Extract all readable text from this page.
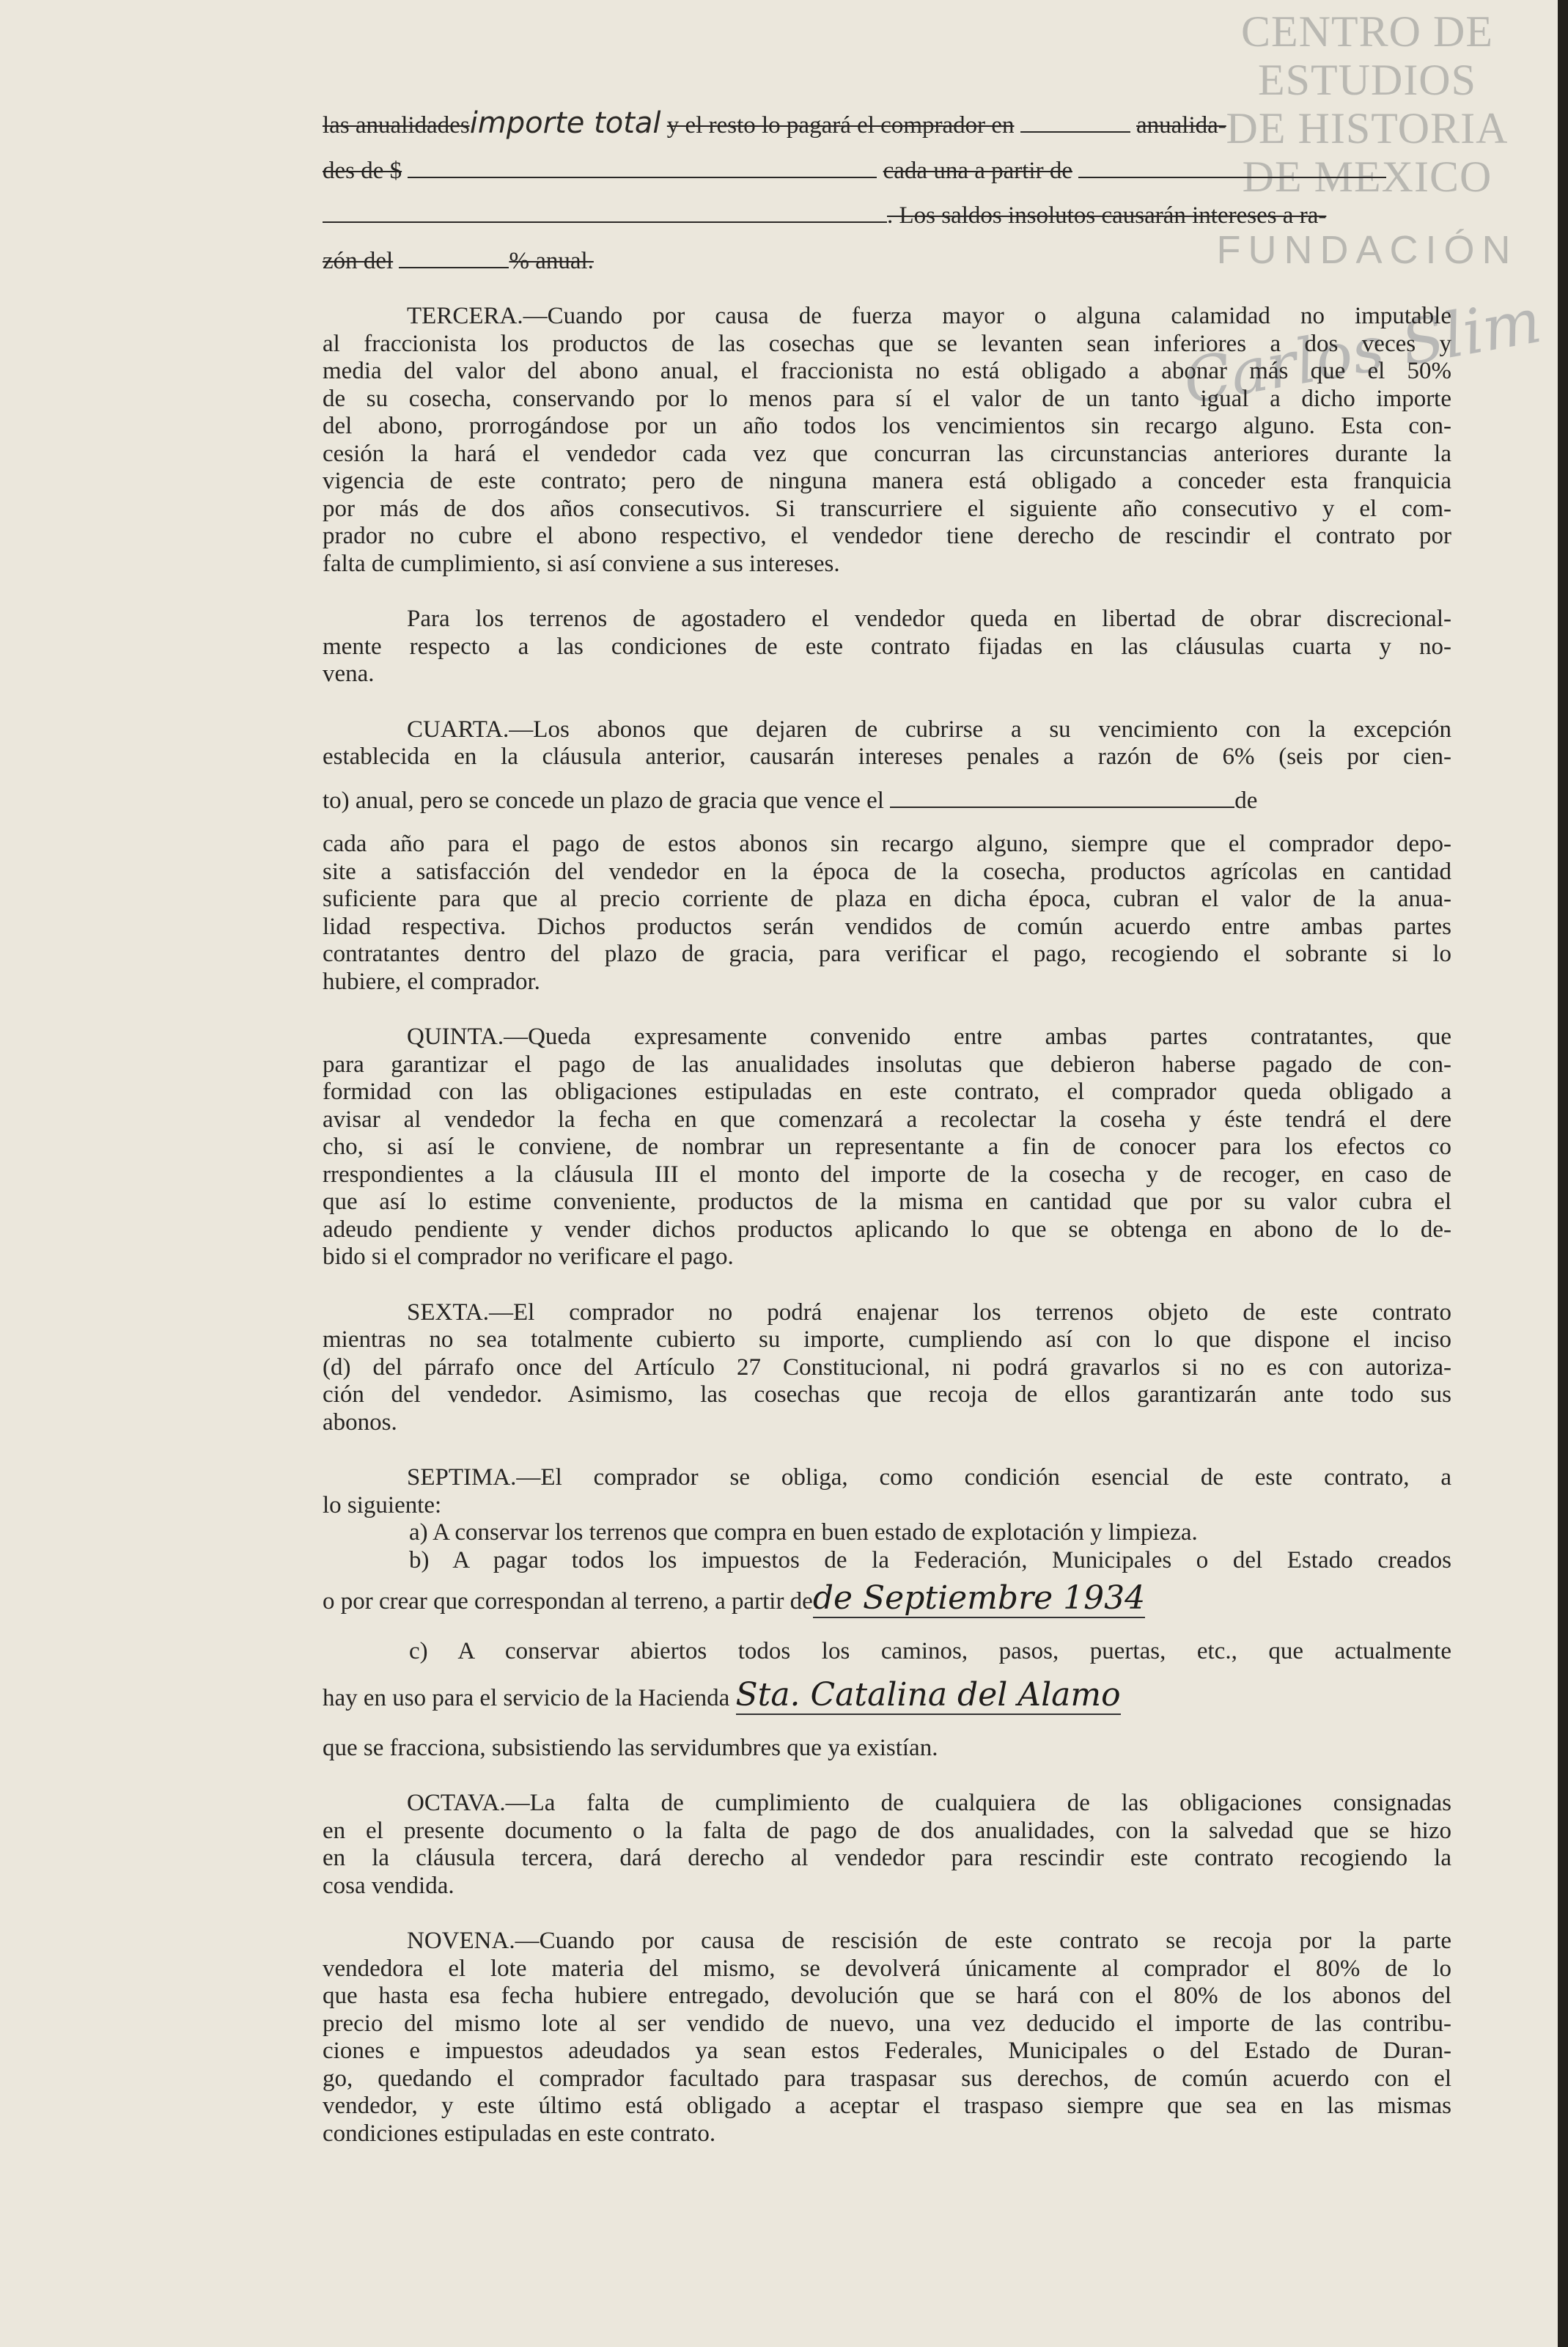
CENTRO DE
ESTUDIOS
DE HISTORIA
DE MEXICO
FUNDACIÓN
Carlos Slim
las anualidadesimporte total y el resto lo pagará el comprador en	anualida-
des de $	cada una a partir de
. Los saldos insolutos causarán intereses a ra-
zón del	% anual.
TERCERA.—Cuando por causa de fuerza mayor o alguna calamidad no imputable
al fraccionista los productos de las cosechas que se levanten sean inferiores a dos veces y
media del valor del abono anual, el fraccionista no está obligado a abonar más que el 50%
de su cosecha, conservando por lo menos para sí el valor de un tanto igual a dicho importe
del abono, prorrogándose por un año todos los vencimientos sin recargo alguno. Esta con-
cesión la hará el vendedor cada vez que concurran las circunstancias anteriores durante la
vigencia de este contrato; pero de ninguna manera está obligado a conceder esta franquicia
por más de dos años consecutivos. Si transcurriere el siguiente año consecutivo y el com-
prador no cubre el abono respectivo, el vendedor tiene derecho de rescindir el contrato por
falta de cumplimiento, si así conviene a sus intereses.
Para los terrenos de agostadero el vendedor queda en libertad de obrar discrecional-
mente respecto a las condiciones de este contrato fijadas en las cláusulas cuarta y no-
vena.
CUARTA.—Los abonos que dejaren de cubrirse a su vencimiento con la excepción
establecida en la cláusula anterior, causarán intereses penales a razón de 6% (seis por cien-
to) anual, pero se concede un plazo de gracia que vence el	de
cada año para el pago de estos abonos sin recargo alguno, siempre que el comprador depo-
site a satisfacción del vendedor en la época de la cosecha, productos agrícolas en cantidad
suficiente para que al precio corriente de plaza en dicha época, cubran el valor de la anua-
lidad respectiva. Dichos productos serán vendidos de común acuerdo entre ambas partes
contratantes dentro del plazo de gracia, para verificar el pago, recogiendo el sobrante si lo
hubiere, el comprador.
QUINTA.—Queda expresamente convenido entre ambas partes contratantes, que
para garantizar el pago de las anualidades insolutas que debieron haberse pagado de con-
formidad con las obligaciones estipuladas en este contrato, el comprador queda obligado a
avisar al vendedor la fecha en que comenzará a recolectar la coseha y éste tendrá el dere
cho, si así le conviene, de nombrar un representante a fin de conocer para los efectos co
rrespondientes a la cláusula III el monto del importe de la cosecha y de recoger, en caso de
que así lo estime conveniente, productos de la misma en cantidad que por su valor cubra el
adeudo pendiente y vender dichos productos aplicando lo que se obtenga en abono de lo de-
bido si el comprador no verificare el pago.
SEXTA.—El comprador no podrá enajenar los terrenos objeto de este contrato
mientras no sea totalmente cubierto su importe, cumpliendo así con lo que dispone el inciso
(d) del párrafo once del Artículo 27 Constitucional, ni podrá gravarlos si no es con autoriza-
ción del vendedor. Asimismo, las cosechas que recoja de ellos garantizarán ante todo sus
abonos.
SEPTIMA.—El comprador se obliga, como condición esencial de este contrato, a
lo siguiente:
a) A conservar los terrenos que compra en buen estado de explotación y limpieza.
b) A pagar todos los impuestos de la Federación, Municipales o del Estado creados
o por crear que correspondan al terreno, a partir dede Septiembre 1934
c) A conservar abiertos todos los caminos, pasos, puertas, etc., que actualmente
hay en uso para el servicio de la Hacienda Sta. Catalina del Alamo
que se fracciona, subsistiendo las servidumbres que ya existían.
OCTAVA.—La falta de cumplimiento de cualquiera de las obligaciones consignadas
en el presente documento o la falta de pago de dos anualidades, con la salvedad que se hizo
en la cláusula tercera, dará derecho al vendedor para rescindir este contrato recogiendo la
cosa vendida.
NOVENA.—Cuando por causa de rescisión de este contrato se recoja por la parte
vendedora el lote materia del mismo, se devolverá únicamente al comprador el 80% de lo
que hasta esa fecha hubiere entregado, devolución que se hará con el 80% de los abonos del
precio del mismo lote al ser vendido de nuevo, una vez deducido el importe de las contribu-
ciones e impuestos adeudados ya sean estos Federales, Municipales o del Estado de Duran-
go, quedando el comprador facultado para traspasar sus derechos, de común acuerdo con el
vendedor, y este último está obligado a aceptar el traspaso siempre que sea en las mismas
condiciones estipuladas en este contrato.
